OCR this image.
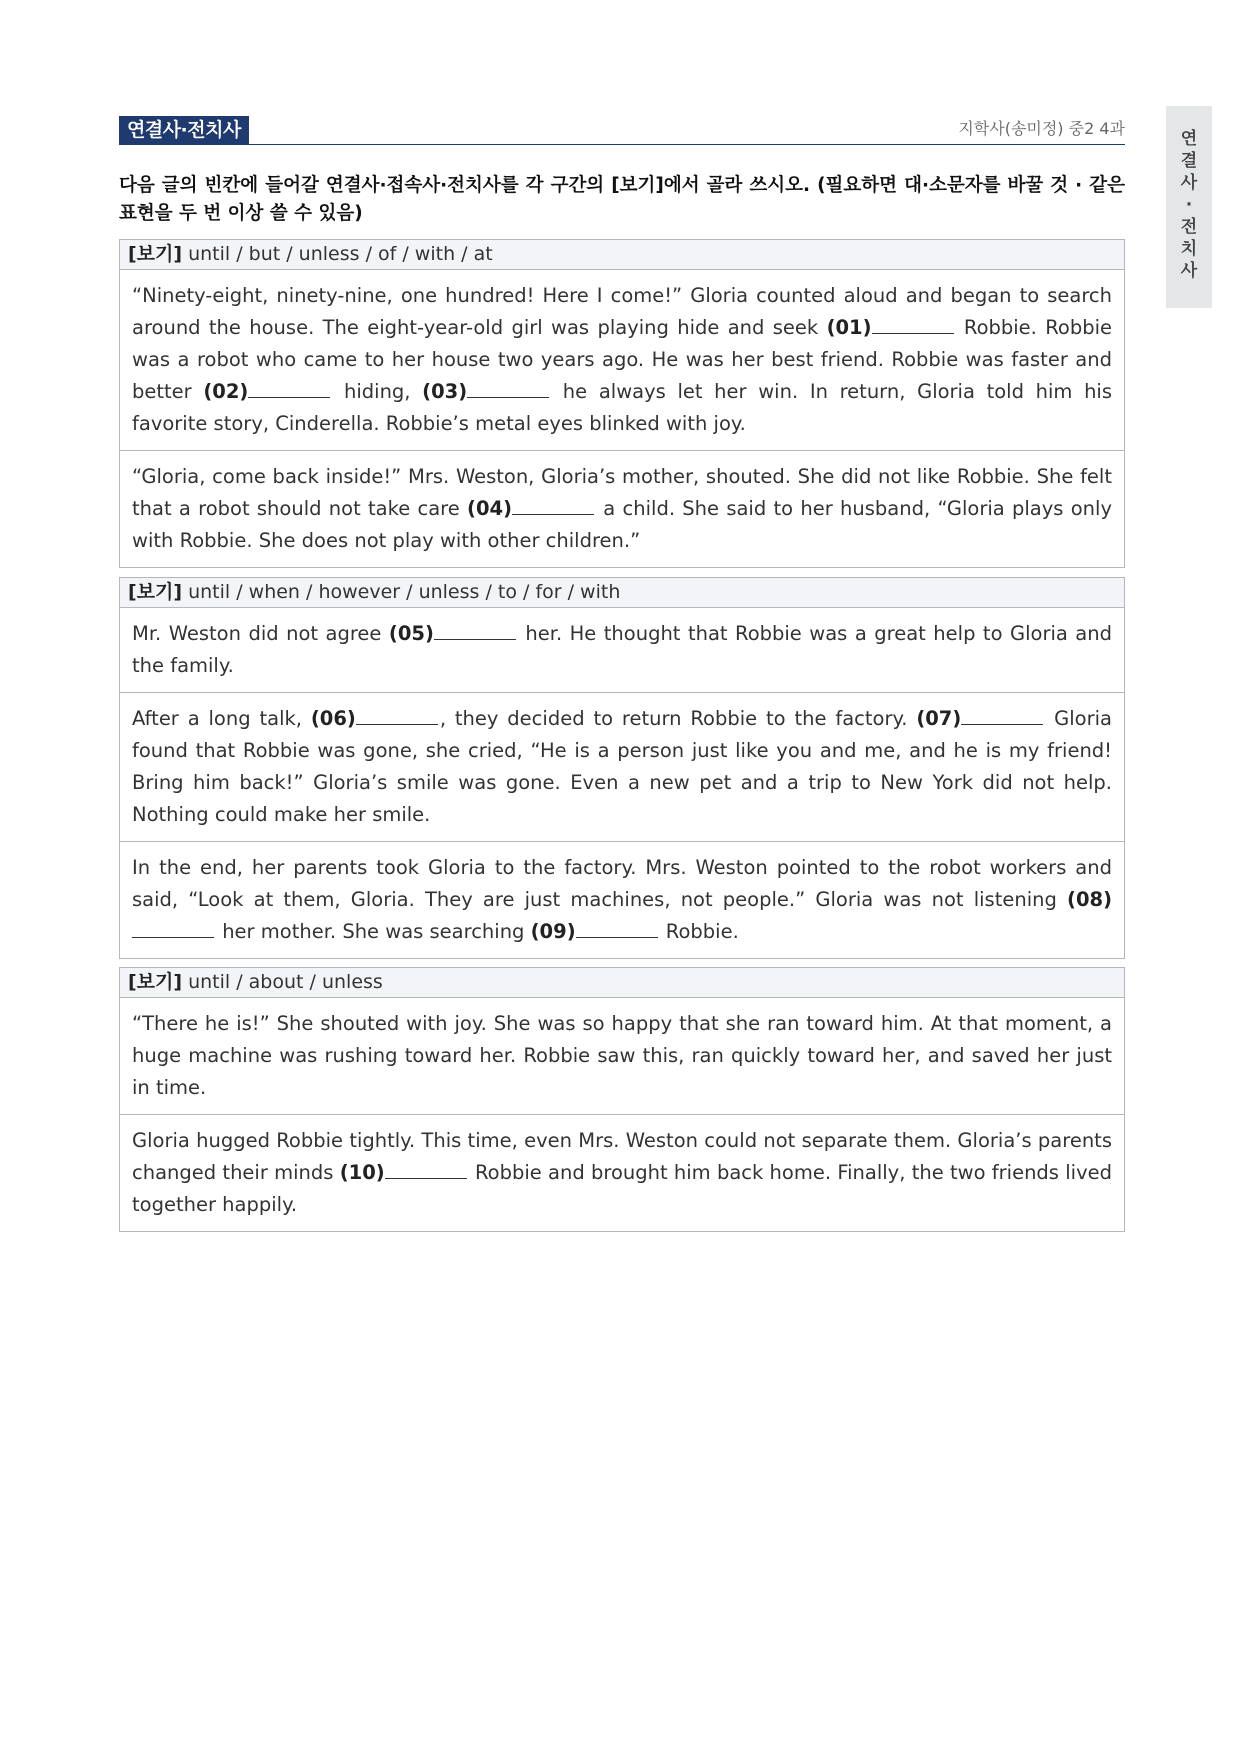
연결사·전치사	지학사(송미정) 중2 4과
연
결
사
·
전
치
사
다음 글의 빈칸에 들어갈 연결사·접속사·전치사를 각 구간의 [보기]에서 골라 쓰시오. (필요하면 대·소문자를 바꿀 것 · 같은 표현을 두 번 이상 쓸 수 있음)
[보기] until / but / unless / of / with / at
“Ninety-eight, ninety-nine, one hundred! Here I come!” Gloria counted aloud and began to search around the house. The eight-year-old girl was playing hide and seek (01)	Robbie. Robbie was a robot who came to her house two years ago. He was her best friend. Robbie was faster and better (02)	hiding, (03)	he always let her win. In return, Gloria told him his favorite story, Cinderella. Robbie’s metal eyes blinked with joy.
“Gloria, come back inside!” Mrs. Weston, Gloria’s mother, shouted. She did not like Robbie. She felt that a robot should not take care (04)	a child. She said to her husband, “Gloria plays only with Robbie. She does not play with other children.”
[보기] until / when / however / unless / to / for / with
Mr. Weston did not agree (05)	her. He thought that Robbie was a great help to Gloria and the family.
After a long talk, (06)	, they decided to return Robbie to the factory. (07)	Gloria found that Robbie was gone, she cried, “He is a person just like you and me, and he is my friend! Bring him back!” Gloria’s smile was gone. Even a new pet and a trip to New York did not help. Nothing could make her smile.
In the end, her parents took Gloria to the factory. Mrs. Weston pointed to the robot workers and said, “Look at them, Gloria. They are just machines, not people.” Gloria was not listening (08) her mother. She was searching (09)	Robbie.
[보기] until / about / unless
“There he is!” She shouted with joy. She was so happy that she ran toward him. At that moment, a huge machine was rushing toward her. Robbie saw this, ran quickly toward her, and saved her just in time.
Gloria hugged Robbie tightly. This time, even Mrs. Weston could not separate them. Gloria’s parents changed their minds (10)	Robbie and brought him back home. Finally, the two friends lived together happily.
